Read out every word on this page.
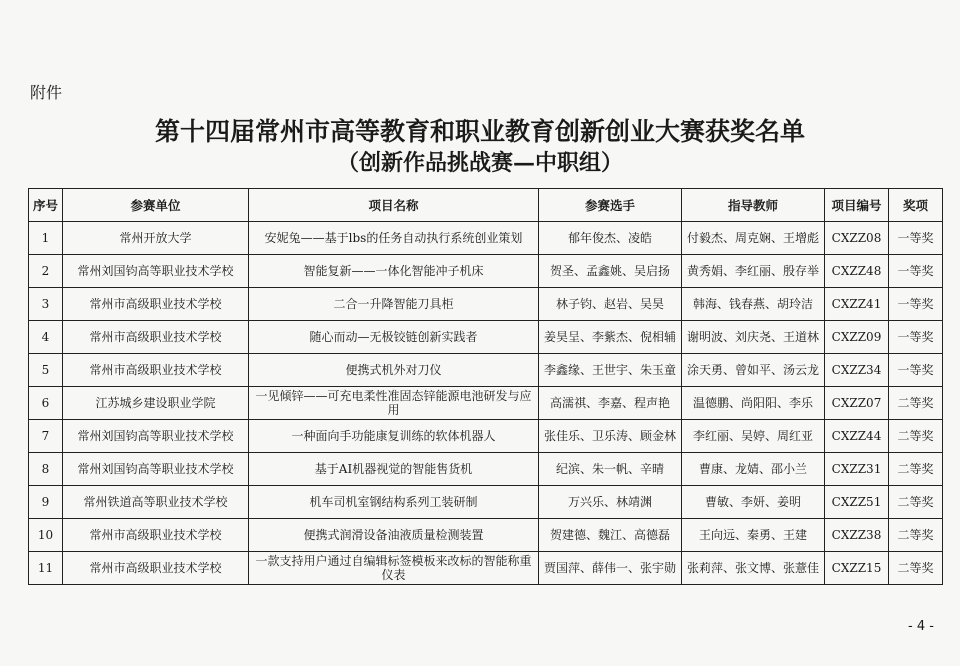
附件
第十四届常州市高等教育和职业教育创新创业大赛获奖名单
（创新作品挑战赛—中职组）
序号	参赛单位	项目名称	参赛选手	指导教师	项目编号	奖项
1	常州开放大学	安妮兔——基于lbs的任务自动执行系统创业策划	郁年俊杰、凌皓	付毅杰、周克娴、王增彪	CXZZ08	一等奖
2	常州刘国钧高等职业技术学校	智能复新——一体化智能冲子机床	贺圣、孟鑫姚、吴启扬	黄秀娟、李红丽、殷存举	CXZZ48	一等奖
3	常州市高级职业技术学校	二合一升降智能刀具柜	林子钧、赵岩、吴昊	韩海、钱春燕、胡玲洁	CXZZ41	一等奖
4	常州市高级职业技术学校	随心而动—无极铰链创新实践者	姜昊呈、李紫杰、倪相辅	谢明波、刘庆尧、王道林	CXZZ09	一等奖
5	常州市高级职业技术学校	便携式机外对刀仪	李鑫缘、王世宇、朱玉童	涂天勇、曾如平、汤云龙	CXZZ34	一等奖
6	江苏城乡建设职业学院	一见倾锌——可充电柔性准固态锌能源电池研发与应用	高濡祺、李嘉、程声艳	温德鹏、尚阳阳、李乐	CXZZ07	二等奖
7	常州刘国钧高等职业技术学校	一种面向手功能康复训练的软体机器人	张佳乐、卫乐涛、顾金林	李红丽、吴婷、周红亚	CXZZ44	二等奖
8	常州刘国钧高等职业技术学校	基于AI机器视觉的智能售货机	纪滨、朱一帆、辛晴	曹康、龙婧、邵小兰	CXZZ31	二等奖
9	常州铁道高等职业技术学校	机车司机室钢结构系列工装研制	万兴乐、林靖渊	曹敏、李妍、姜明	CXZZ51	二等奖
10	常州市高级职业技术学校	便携式润滑设备油液质量检测装置	贺建德、魏江、高德磊	王向远、秦勇、王建	CXZZ38	二等奖
11	常州市高级职业技术学校	一款支持用户通过自编辑标签模板来改标的智能称重仪表	贾国萍、薛伟一、张宇勋	张莉萍、张文博、张薏佳	CXZZ15	二等奖
- 4 -
